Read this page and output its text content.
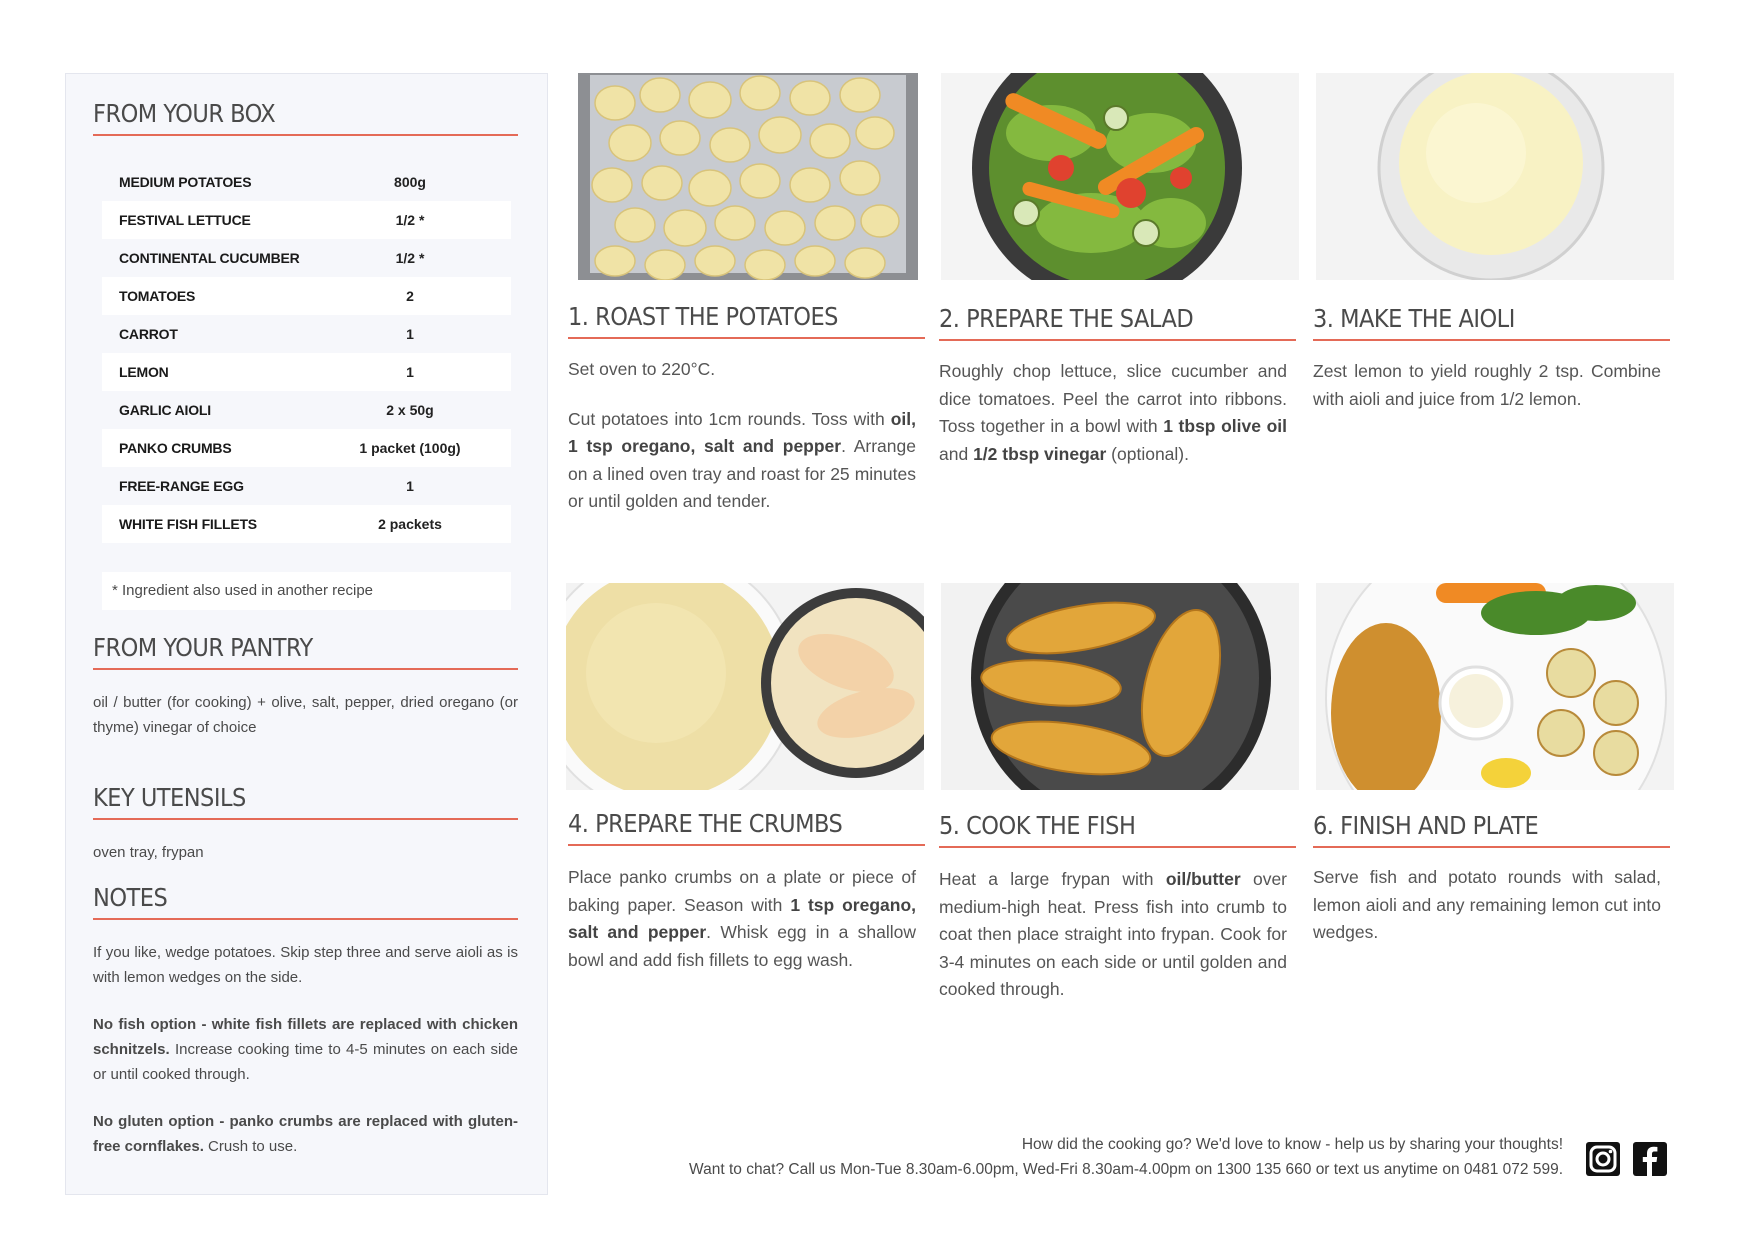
FROM YOUR BOX
MEDIUM POTATOES	800g
FESTIVAL LETTUCE	1/2 *
CONTINENTAL CUCUMBER	1/2 *
TOMATOES	2
CARROT	1
LEMON	1
GARLIC AIOLI	2 x 50g
PANKO CRUMBS	1 packet (100g)
FREE-RANGE EGG	1
WHITE FISH FILLETS	2 packets
* Ingredient also used in another recipe
FROM YOUR PANTRY
oil / butter (for cooking) + olive, salt, pepper, dried oregano (or thyme) vinegar of choice
KEY UTENSILS
oven tray, frypan
NOTES
If you like, wedge potatoes. Skip step three and serve aioli as is with lemon wedges on the side.
No fish option - white fish fillets are replaced with chicken schnitzels. Increase cooking time to 4-5 minutes on each side or until cooked through.
No gluten option - panko crumbs are replaced with gluten-free cornflakes. Crush to use.
1. ROAST THE POTATOES	2. PREPARE THE SALAD	3. MAKE THE AIOLI
4. PREPARE THE CRUMBS	5. COOK THE FISH	6. FINISH AND PLATE

Set oven to 220°C.

Cut potatoes into 1cm rounds. Toss with oil, 1 tsp oregano, salt and pepper. Arrange on a lined oven tray and roast for 25 minutes or until golden and tender.

Roughly chop lettuce, slice cucumber and dice tomatoes. Peel the carrot into ribbons. Toss together in a bowl with 1 tbsp olive oil and 1/2 tbsp vinegar (optional).

Zest lemon to yield roughly 2 tsp. Combine with aioli and juice from 1/2 lemon.

Place panko crumbs on a plate or piece of baking paper. Season with 1 tsp oregano, salt and pepper. Whisk egg in a shallow bowl and add fish fillets to egg wash.

Heat a large frypan with oil/butter over medium-high heat. Press fish into crumb to coat then place straight into frypan. Cook for 3-4 minutes on each side or until golden and cooked through.

Serve fish and potato rounds with salad, lemon aioli and any remaining lemon cut into wedges.

How did the cooking go? We'd love to know - help us by sharing your thoughts!
Want to chat? Call us Mon-Tue 8.30am-6.00pm, Wed-Fri 8.30am-4.00pm on 1300 135 660 or text us anytime on 0481 072 599.
